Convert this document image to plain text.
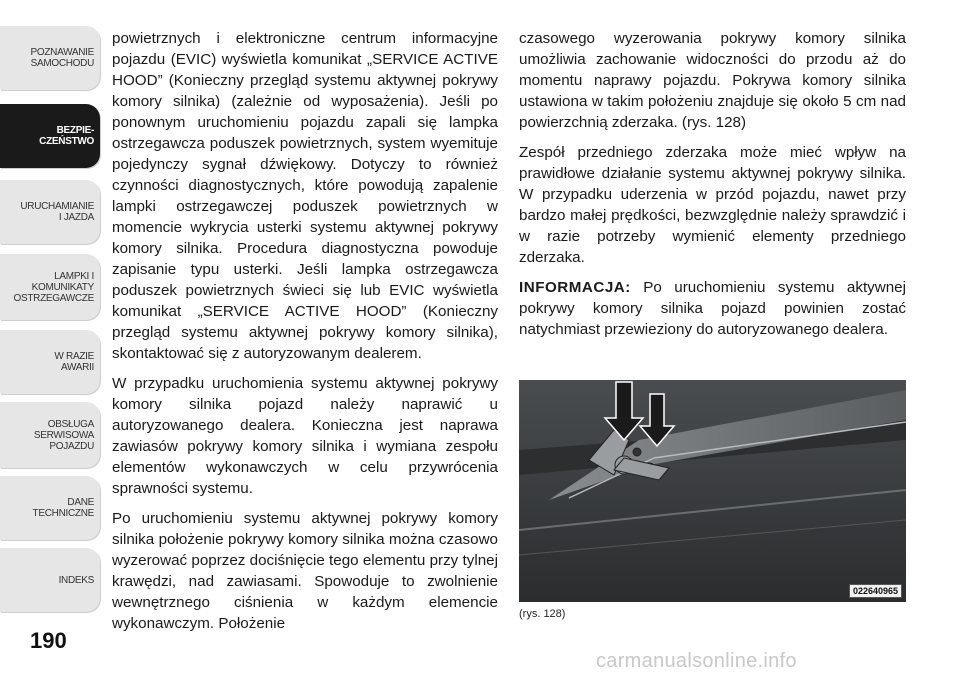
POZNAWANIE
SAMOCHODU
BEZPIE-
CZEŃSTWO
URUCHAMIANIE
I JAZDA
LAMPKI I
KOMUNIKATY
OSTRZEGAWCZE
W RAZIE
AWARII
OBSŁUGA
SERWISOWA
POJAZDU
DANE
TECHNICZNE
INDEKS
190

powietrznych i elektroniczne centrum informacyjne pojazdu (EVIC) wyświetla komunikat „SERVICE ACTIVE HOOD” (Konieczny przegląd systemu aktywnej pokrywy komory silnika) (zależnie od wyposażenia). Jeśli po ponownym uruchomieniu pojazdu zapali się lampka ostrzegawcza poduszek powietrznych, system wyemituje pojedynczy sygnał dźwiękowy. Dotyczy to również czynności diagnostycznych, które powodują zapalenie lampki ostrzegawczej poduszek powietrznych w momencie wykrycia usterki systemu aktywnej pokrywy komory silnika. Procedura diagnostyczna powoduje zapisanie typu usterki. Jeśli lampka ostrzegawcza poduszek powietrznych świeci się lub EVIC wyświetla komunikat „SERVICE ACTIVE HOOD” (Konieczny przegląd systemu aktywnej pokrywy komory silnika), skontaktować się z autoryzowanym dealerem.

W przypadku uruchomienia systemu aktywnej pokrywy komory silnika pojazd należy naprawić u autoryzowanego dealera. Konieczna jest naprawa zawiasów pokrywy komory silnika i wymiana zespołu elementów wykonawczych w celu przywrócenia sprawności systemu.

Po uruchomieniu systemu aktywnej pokrywy komory silnika położenie pokrywy komory silnika można czasowo wyzerować poprzez dociśnięcie tego elementu przy tylnej krawędzi, nad zawiasami. Spowoduje to zwolnienie wewnętrznego ciśnienia w każdym elemencie wykonawczym. Położenie

czasowego wyzerowania pokrywy komory silnika umożliwia zachowanie widoczności do przodu aż do momentu naprawy pojazdu. Pokrywa komory silnika ustawiona w takim położeniu znajduje się około 5 cm nad powierzchnią zderzaka. (rys. 128)

Zespół przedniego zderzaka może mieć wpływ na prawidłowe działanie systemu aktywnej pokrywy silnika. W przypadku uderzenia w przód pojazdu, nawet przy bardzo małej prędkości, bezwzględnie należy sprawdzić i w razie potrzeby wymienić elementy przedniego zderzaka.

INFORMACJA: Po uruchomieniu systemu aktywnej pokrywy komory silnika pojazd powinien zostać natychmiast przewieziony do autoryzowanego dealera.

022640965
(rys. 128)
carmanualsonline.info
